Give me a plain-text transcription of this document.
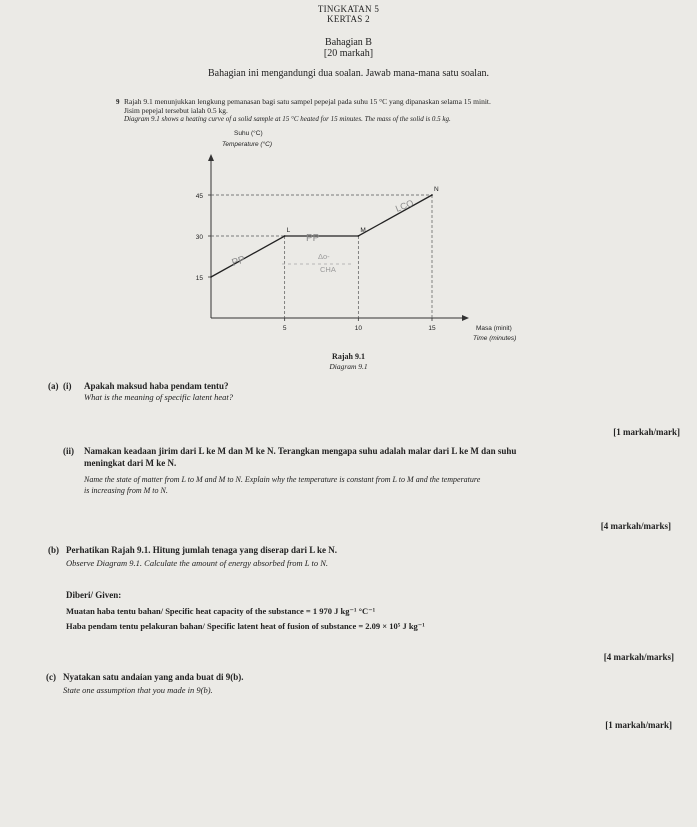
TINGKATAN 5
KERTAS 2
Bahagian B
[20 markah]
Bahagian ini mengandungi dua soalan. Jawab mana-mana satu soalan.
9 Rajah 9.1 menunjukkan lengkung pemanasan bagi satu sampel pepejal pada suhu 15 °C yang dipanaskan selama 15 minit.
Jisim pepejal tersebut ialah 0.5 kg.
Diagram 9.1 shows a heating curve of a solid sample at 15 °C heated for 15 minutes. The mass of the solid is 0.5 kg.
15
30
45
5	10	15
L	M
N
Suhu (°C)
Temperature (°C)
Masa (minit)
Time (minutes)
LCO
PP
PP	Δo-
CHA
Rajah 9.1
Diagram 9.1
(a) (i) Apakah maksud haba pendam tentu?
What is the meaning of specific latent heat?
[1 markah/mark]
(ii) Namakan keadaan jirim dari L ke M dan M ke N. Terangkan mengapa suhu adalah malar dari L ke M dan suhu
meningkat dari M ke N.
Name the state of matter from L to M and M to N. Explain why the temperature is constant from L to M and the temperature
is increasing from M to N.
[4 markah/marks]
(b) Perhatikan Rajah 9.1. Hitung jumlah tenaga yang diserap dari L ke N.
Observe Diagram 9.1. Calculate the amount of energy absorbed from L to N.
Diberi/ Given:
Muatan haba tentu bahan/ Specific heat capacity of the substance = 1 970 J kg⁻¹ °C⁻¹
Haba pendam tentu pelakuran bahan/ Specific latent heat of fusion of substance = 2.09 × 10⁵ J kg⁻¹
[4 markah/marks]
(c) Nyatakan satu andaian yang anda buat di 9(b).
State one assumption that you made in 9(b).
[1 markah/mark]
